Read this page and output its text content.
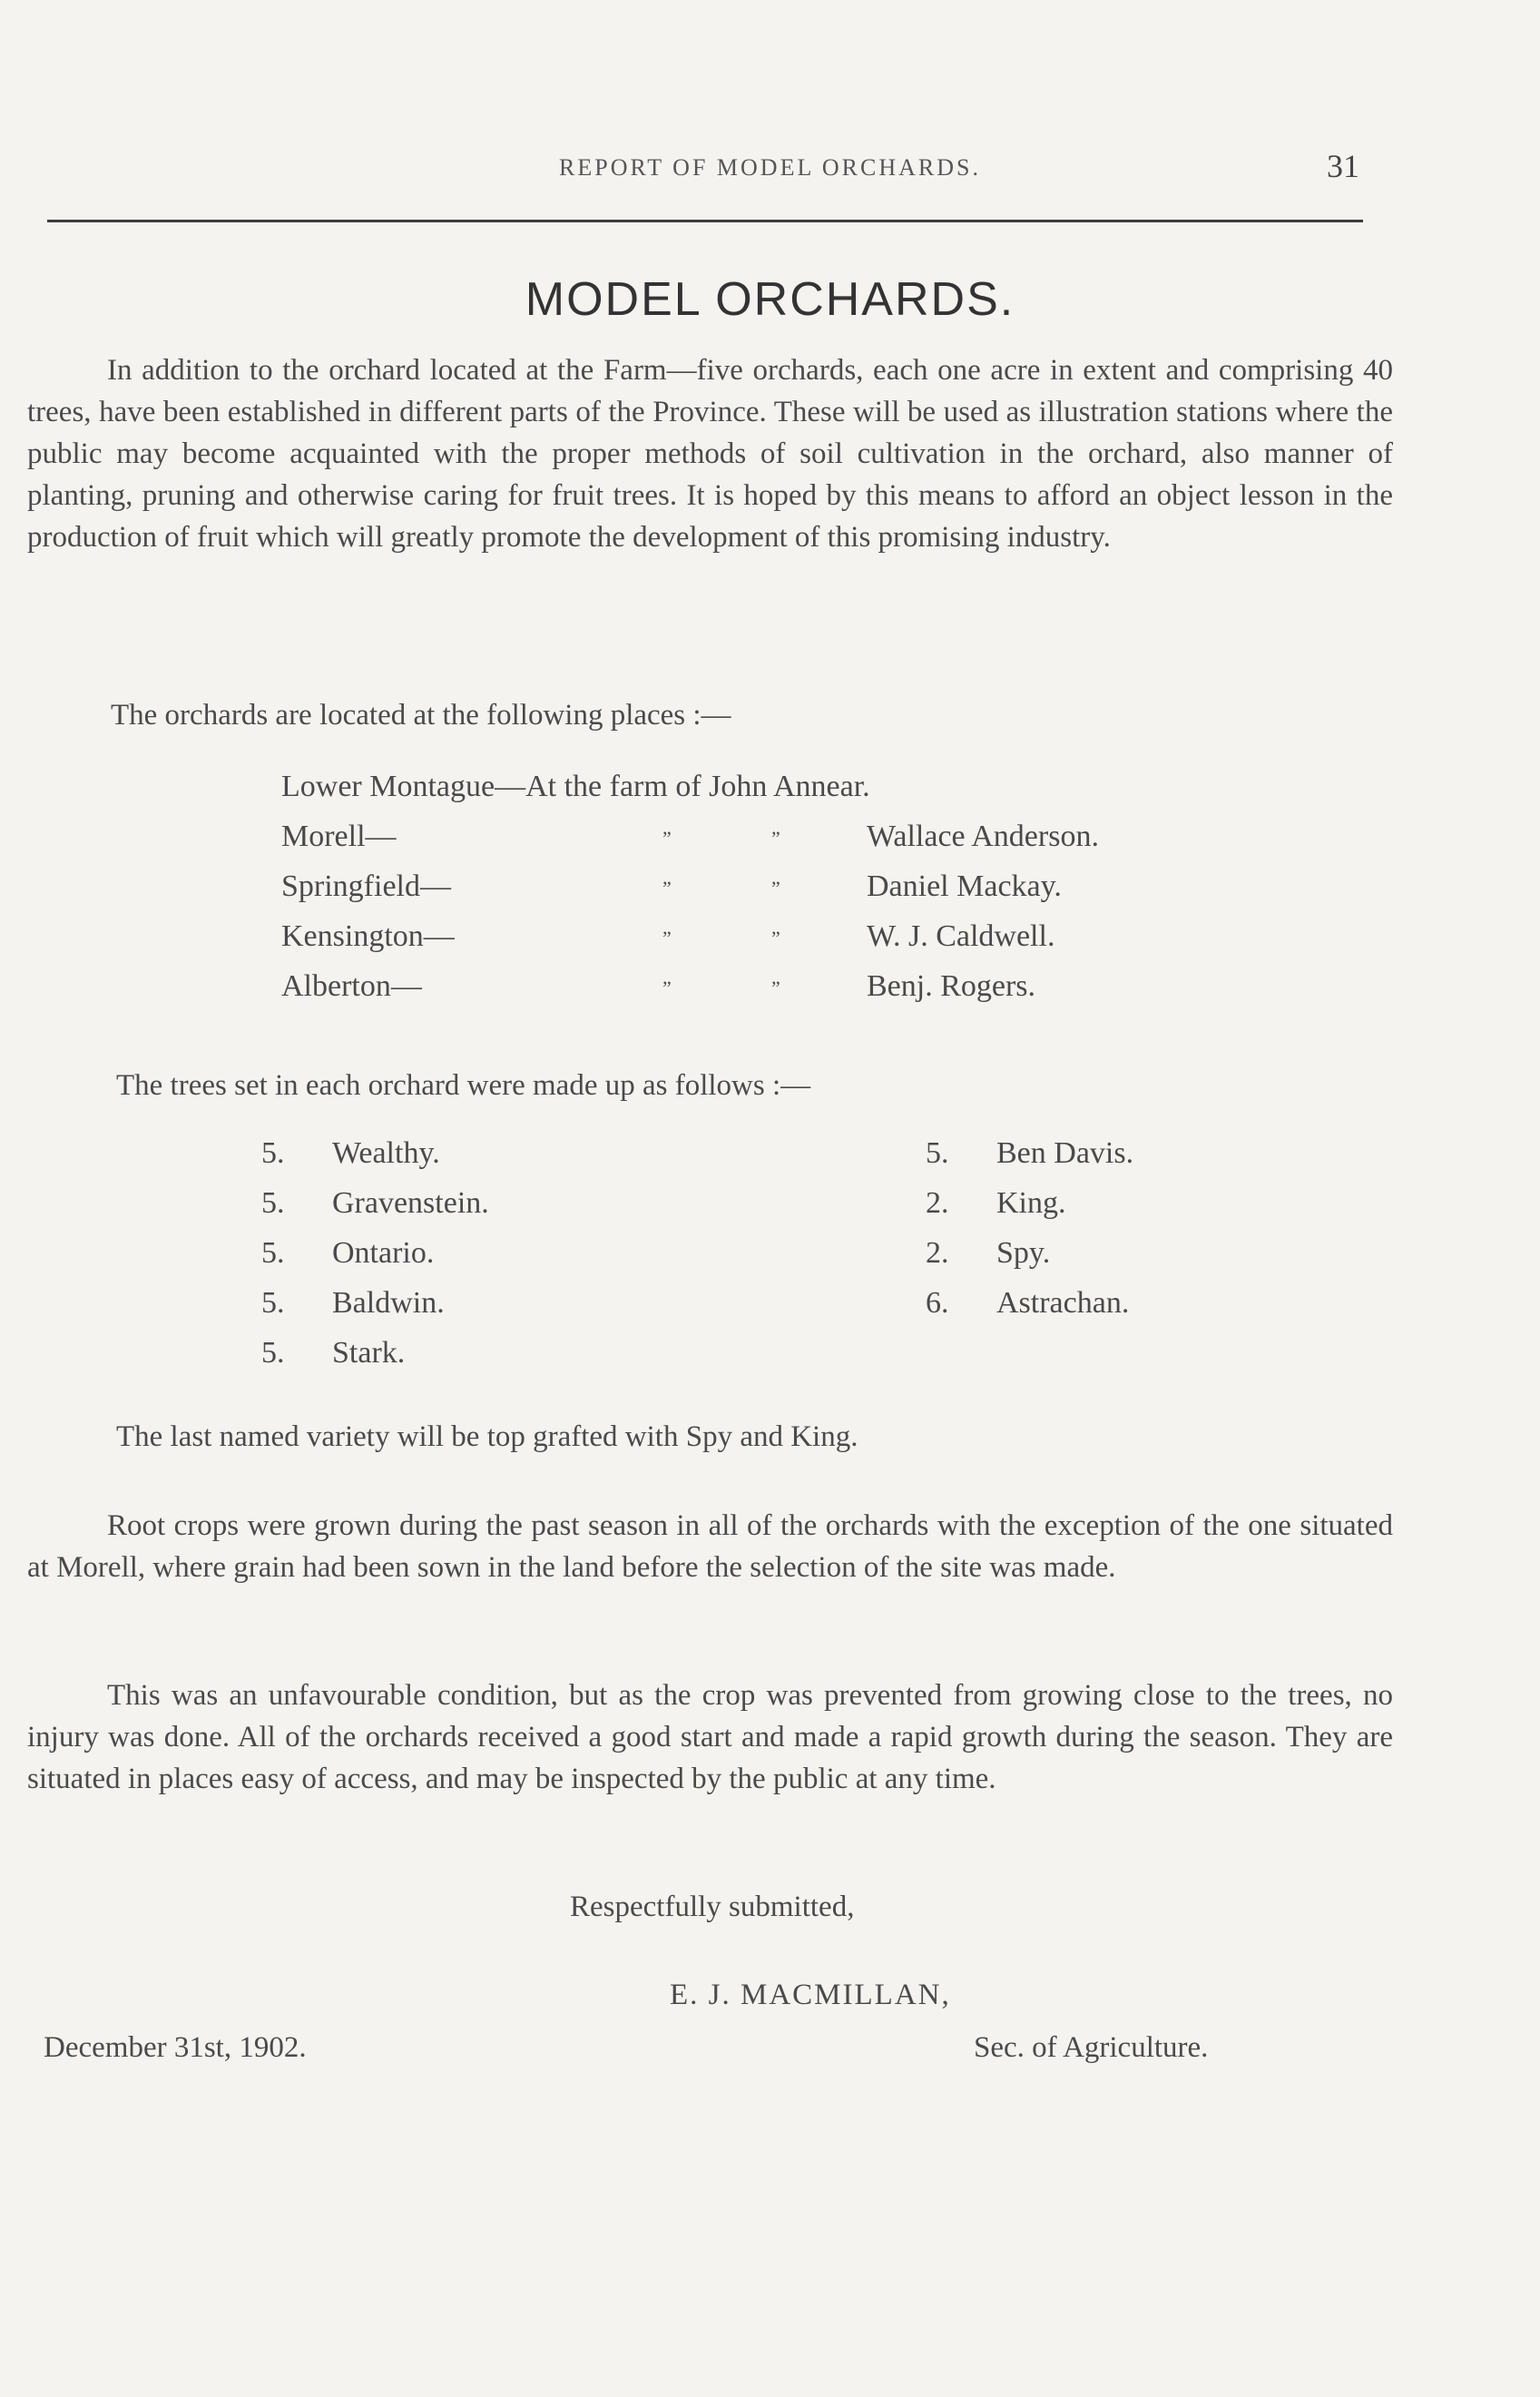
REPORT OF MODEL ORCHARDS.	31
MODEL ORCHARDS.

In addition to the orchard located at the Farm—five orchards, each one acre in extent and comprising 40 trees, have been established in different parts of the Province. These will be used as illustration stations where the public may become acquainted with the proper methods of soil cultivation in the orchard, also manner of planting, pruning and otherwise caring for fruit trees. It is hoped by this means to afford an object lesson in the production of fruit which will greatly promote the development of this promising industry.

The orchards are located at the following places :—
Lower Montague—At the farm of John Annear.
Morell—	”	”	Wallace Anderson.
Springfield—	”	”	Daniel Mackay.
Kensington—	”	”	W. J. Caldwell.
Alberton—	”	”	Benj. Rogers.
The trees set in each orchard were made up as follows :—
5. Wealthy.
5. Gravenstein.
5. Ontario.
5. Baldwin.
5. Stark.
5. Ben Davis.
2. King.
2. Spy.
6. Astrachan.
The last named variety will be top grafted with Spy and King.

Root crops were grown during the past season in all of the orchards with the exception of the one situated at Morell, where grain had been sown in the land before the selection of the site was made.

This was an unfavourable condition, but as the crop was prevented from growing close to the trees, no injury was done. All of the orchards received a good start and made a rapid growth during the season. They are situated in places easy of access, and may be inspected by the public at any time.

Respectfully submitted,
E. J. MACMILLAN,
Sec. of Agriculture.
December 31st, 1902.
